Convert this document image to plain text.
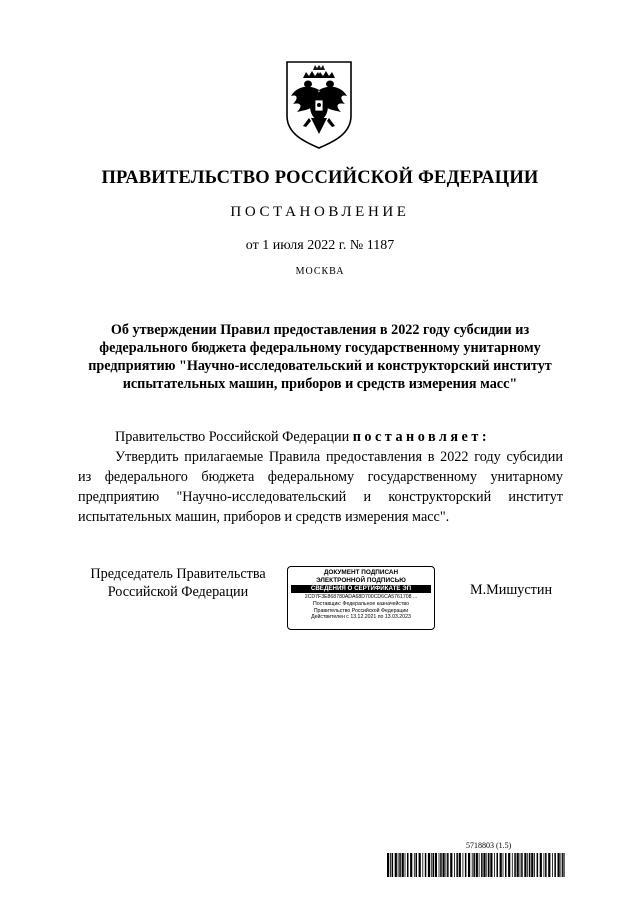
ПРАВИТЕЛЬСТВО РОССИЙСКОЙ ФЕДЕРАЦИИ
ПОСТАНОВЛЕНИЕ
от 1 июля 2022 г. № 1187
МОСКВА
Об утверждении Правил предоставления в 2022 году субсидии из федерального бюджета федеральному государственному унитарному предприятию "Научно-исследовательский и конструкторский институт испытательных машин, приборов и средств измерения масс"

Правительство Российской Федерации постановляет:

Утвердить прилагаемые Правила предоставления в 2022 году субсидии из федерального бюджета федеральному государственному унитарному предприятию "Научно-исследовательский и конструкторский институт испытательных машин, приборов и средств измерения масс".

Председатель Правительства
Российской Федерации
ДОКУМЕНТ ПОДПИСАН
ЭЛЕКТРОННОЙ ПОДПИСЬЮ
СВЕДЕНИЯ О СЕРТИФИКАТЕ ЭП
2CD7F3E868780ADA68D700CD6CA5761708 ...
Поставщик: Федеральное казначейство
Правительство Российской Федерации
Действителен с 13.12.2021 по 13.03.2023
М.Мишустин
5718803 (1.5)
